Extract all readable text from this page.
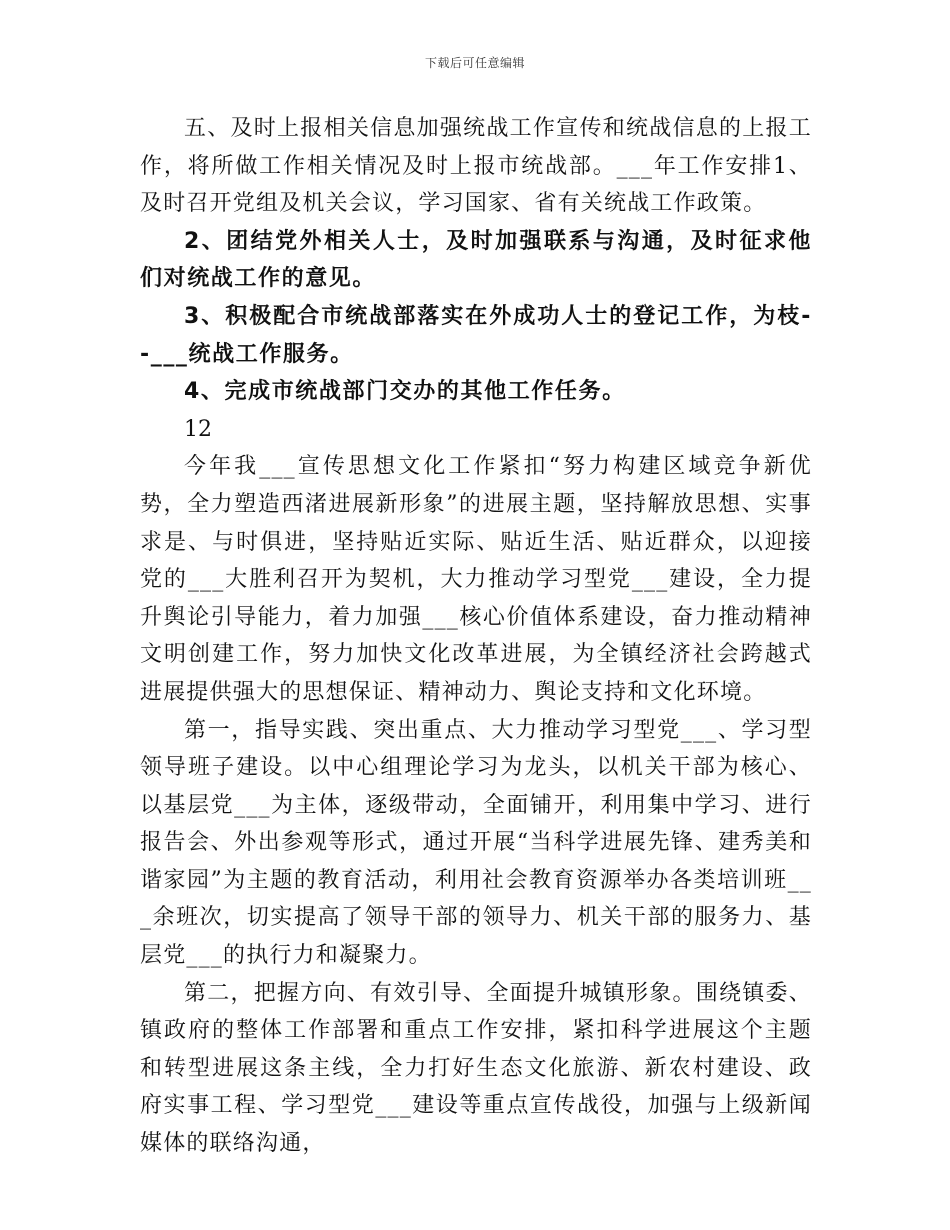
下载后可任意编辑

五、及时上报相关信息加强统战工作宣传和统战信息的上报工作，将所做工作相关情况及时上报市统战部。___年工作安排1、及时召开党组及机关会议，学习国家、省有关统战工作政策。

2、团结党外相关人士，及时加强联系与沟通，及时征求他们对统战工作的意见。

3、积极配合市统战部落实在外成功人士的登记工作，为枝--___统战工作服务。

4、完成市统战部门交办的其他工作任务。

12

今年我___宣传思想文化工作紧扣“努力构建区域竞争新优势，全力塑造西渚进展新形象”的进展主题，坚持解放思想、实事求是、与时俱进，坚持贴近实际、贴近生活、贴近群众，以迎接党的___大胜利召开为契机，大力推动学习型党___建设，全力提升舆论引导能力，着力加强___核心价值体系建设，奋力推动精神文明创建工作，努力加快文化改革进展，为全镇经济社会跨越式进展提供强大的思想保证、精神动力、舆论支持和文化环境。

第一，指导实践、突出重点、大力推动学习型党___、学习型领导班子建设。以中心组理论学习为龙头，以机关干部为核心、以基层党___为主体，逐级带动，全面铺开，利用集中学习、进行报告会、外出参观等形式，通过开展“当科学进展先锋、建秀美和谐家园”为主题的教育活动，利用社会教育资源举办各类培训班___余班次，切实提高了领导干部的领导力、机关干部的服务力、基层党___的执行力和凝聚力。

第二，把握方向、有效引导、全面提升城镇形象。围绕镇委、镇政府的整体工作部署和重点工作安排，紧扣科学进展这个主题和转型进展这条主线，全力打好生态文化旅游、新农村建设、政府实事工程、学习型党___建设等重点宣传战役，加强与上级新闻媒体的联络沟通，
